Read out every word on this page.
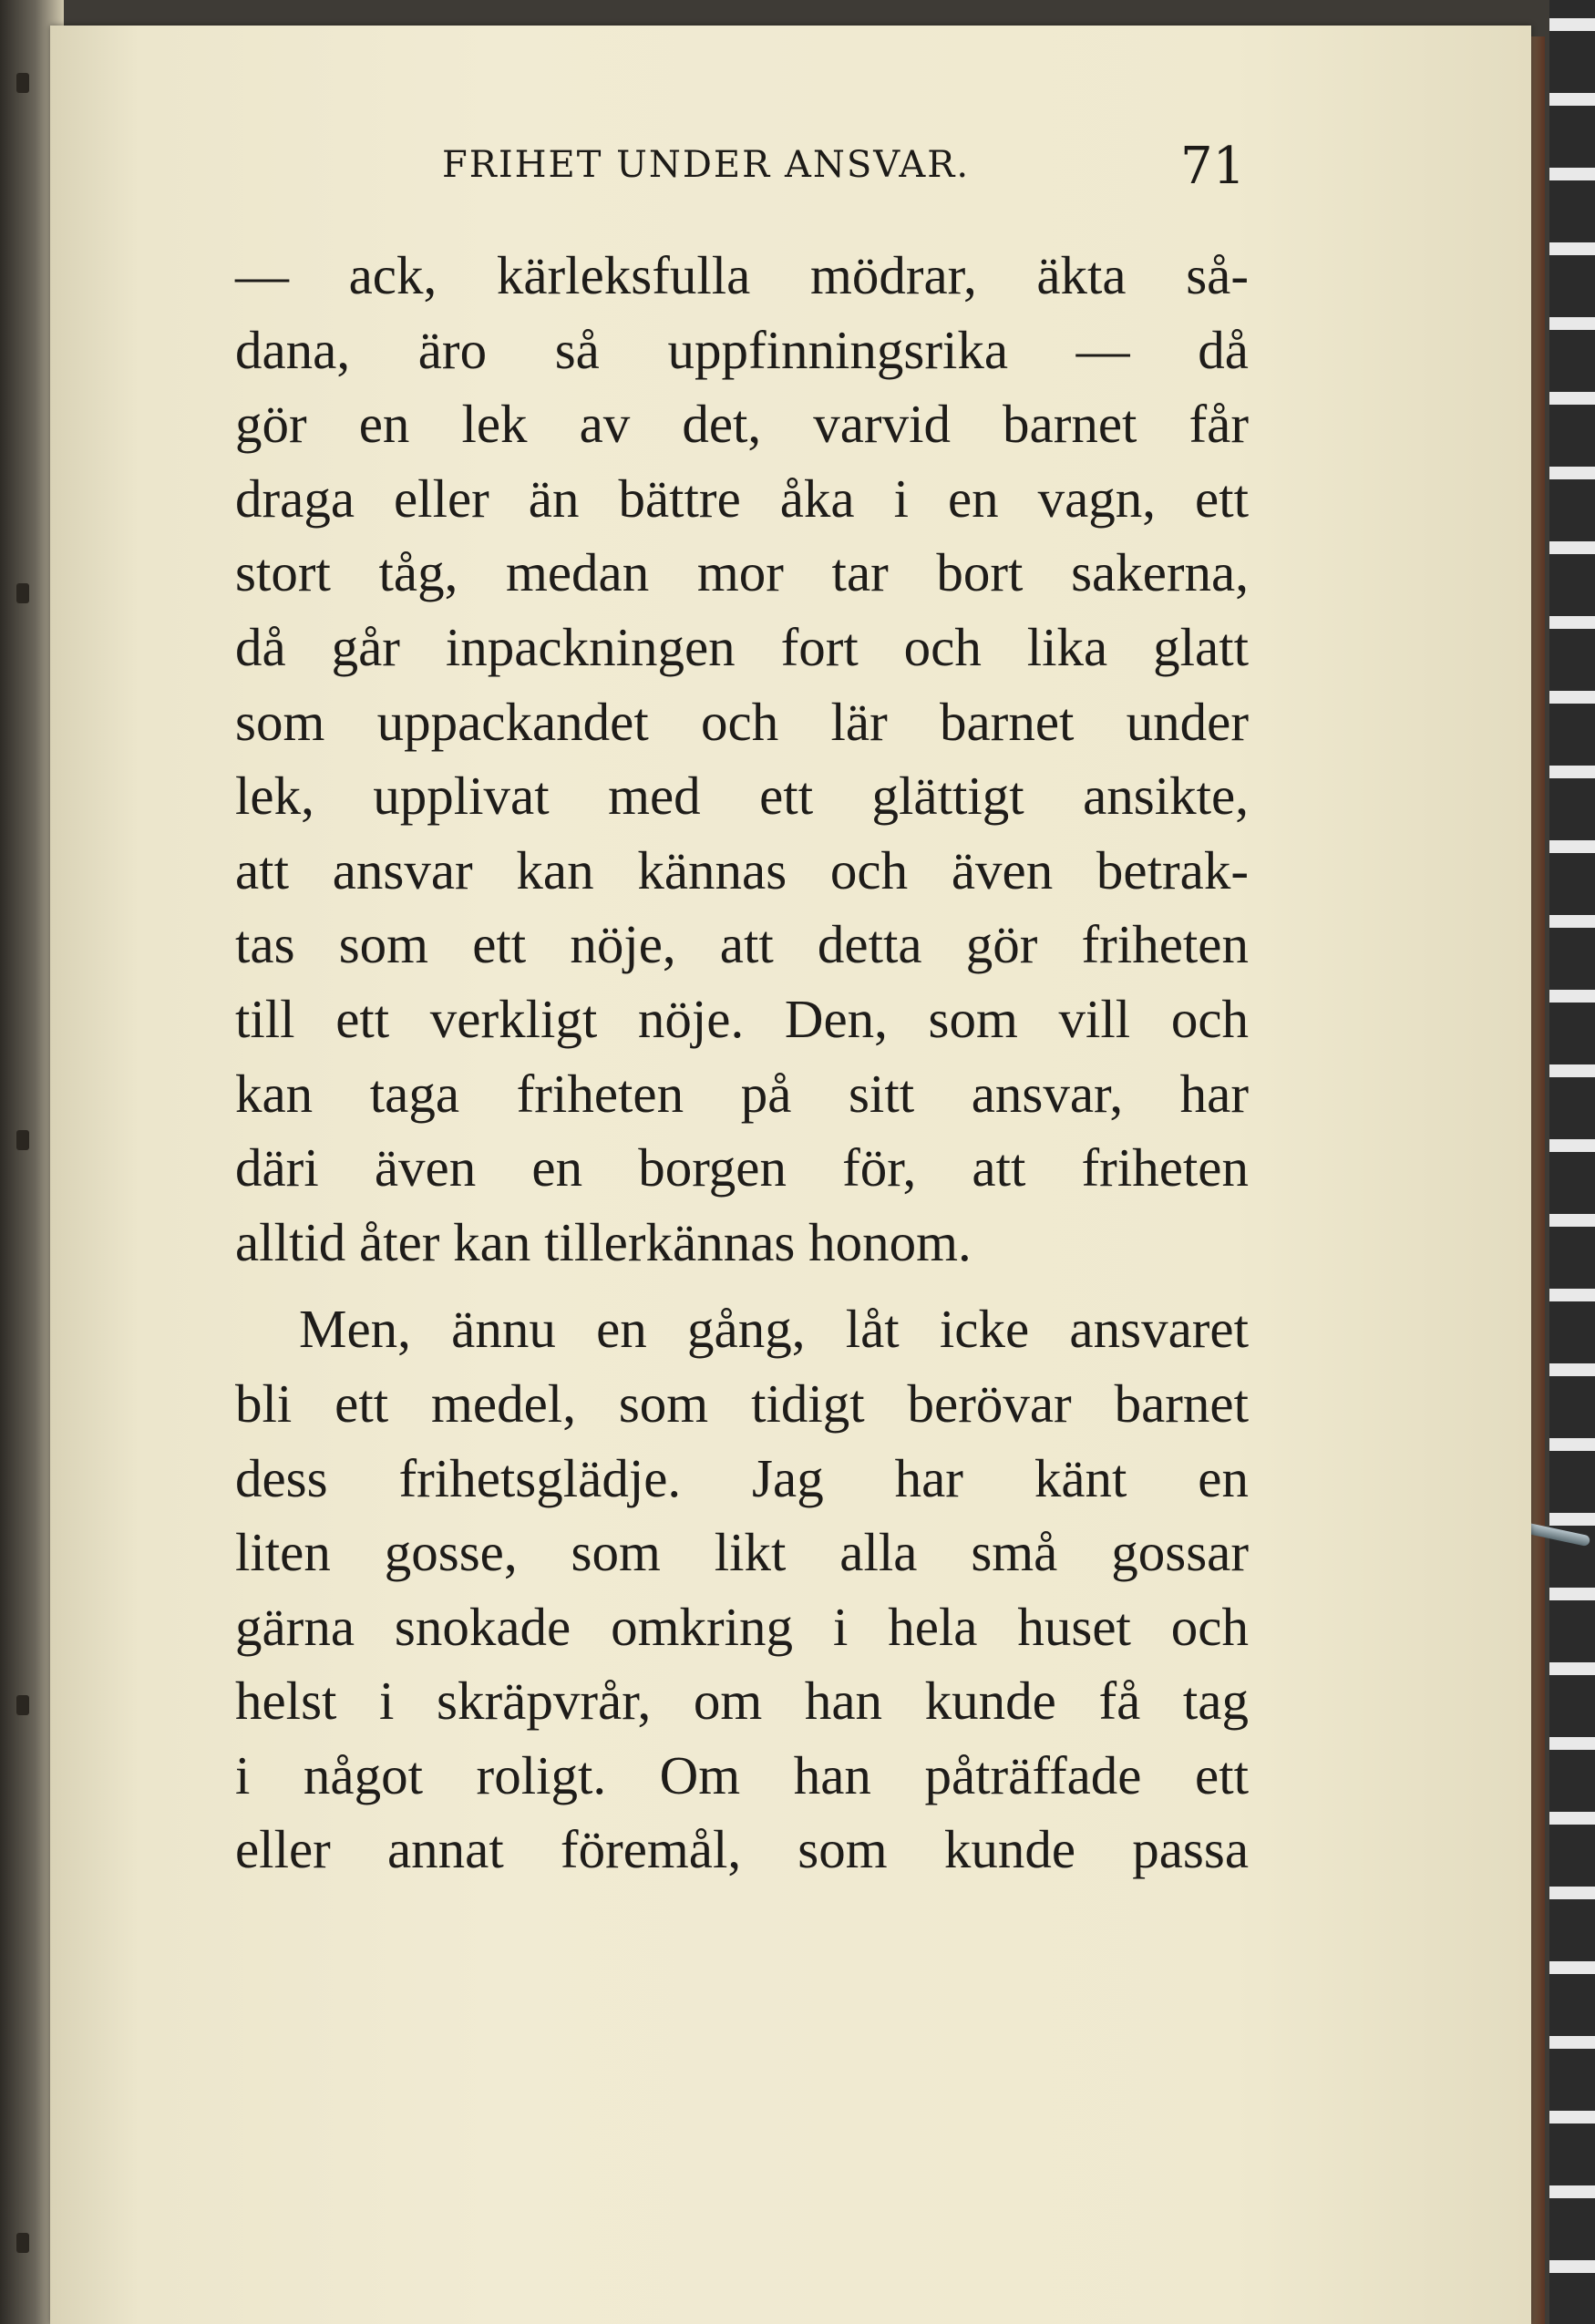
FRIHET UNDER ANSVAR.	71
— ack, kärleksfulla mödrar, äkta så-
dana, äro så uppfinningsrika — då
gör en lek av det, varvid barnet får
draga eller än bättre åka i en vagn, ett
stort tåg, medan mor tar bort sakerna,
då går inpackningen fort och lika glatt
som uppackandet och lär barnet under
lek, upplivat med ett glättigt ansikte,
att ansvar kan kännas och även betrak-
tas som ett nöje, att detta gör friheten
till ett verkligt nöje. Den, som vill och
kan taga friheten på sitt ansvar, har
däri även en borgen för, att friheten
alltid åter kan tillerkännas honom.
Men, ännu en gång, låt icke ansvaret
bli ett medel, som tidigt berövar barnet
dess frihetsglädje. Jag har känt en
liten gosse, som likt alla små gossar
gärna snokade omkring i hela huset och
helst i skräpvrår, om han kunde få tag
i något roligt. Om han påträffade ett
eller annat föremål, som kunde passa
